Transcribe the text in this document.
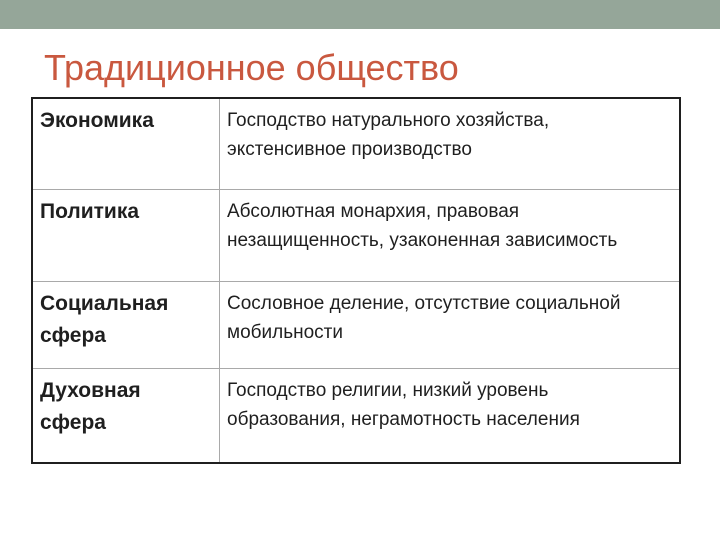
Традиционное общество
Экономика	Господство натурального хозяйства, экстенсивное производство
Политика	Абсолютная монархия, правовая незащищенность, узаконенная зависимость
Социальная сфера	Сословное деление, отсутствие социальной мобильности
Духовная сфера	Господство религии, низкий уровень образования, неграмотность населения
